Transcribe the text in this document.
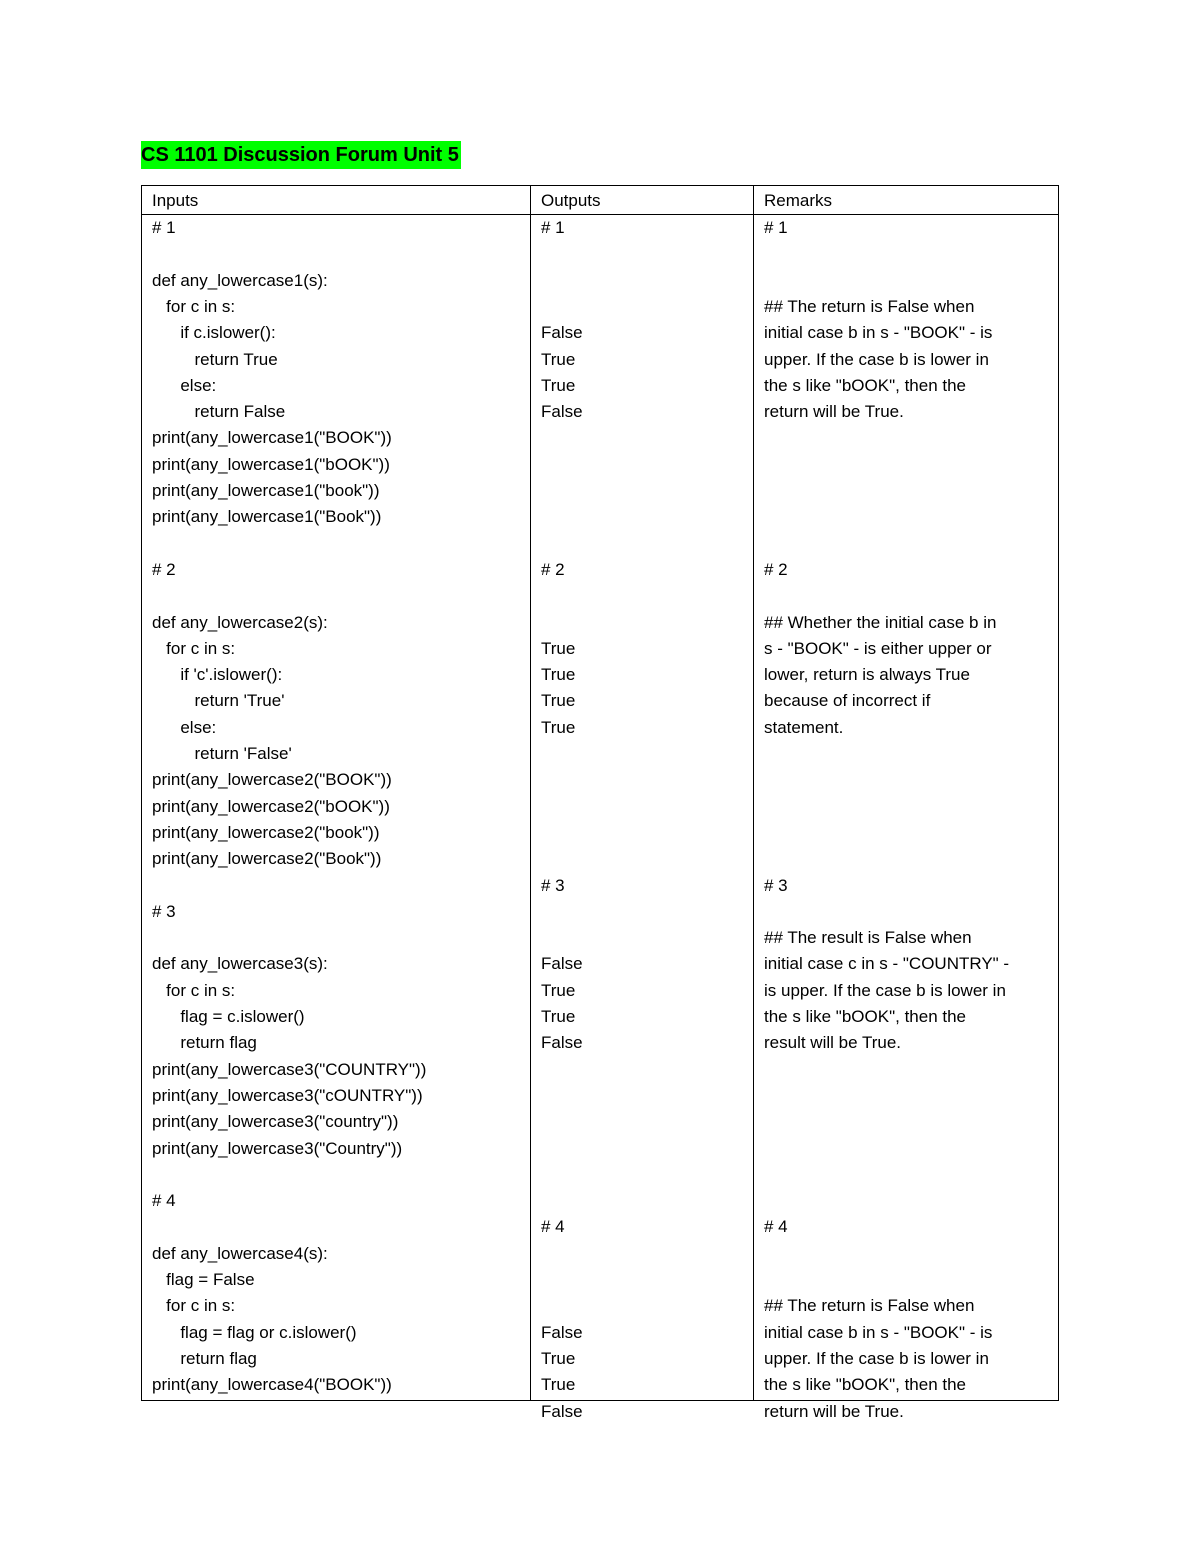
CS 1101 Discussion Forum Unit 5
Inputs	Outputs	Remarks
# 1
def any_lowercase1(s):
for c in s:
if c.islower():
return True
else:
return False
print(any_lowercase1("BOOK"))
print(any_lowercase1("bOOK"))
print(any_lowercase1("book"))
print(any_lowercase1("Book"))
# 2
def any_lowercase2(s):
for c in s:
if 'c'.islower():
return 'True'
else:
return 'False'
print(any_lowercase2("BOOK"))
print(any_lowercase2("bOOK"))
print(any_lowercase2("book"))
print(any_lowercase2("Book"))
# 3
def any_lowercase3(s):
for c in s:
flag = c.islower()
return flag
print(any_lowercase3("COUNTRY"))
print(any_lowercase3("cOUNTRY"))
print(any_lowercase3("country"))
print(any_lowercase3("Country"))
# 4
def any_lowercase4(s):
flag = False
for c in s:
flag = flag or c.islower()
return flag
print(any_lowercase4("BOOK"))
# 1
False
True
True
False
# 2
True
True
True
True
# 3
False
True
True
False
# 4
False
True
True
False
# 1
## The return is False when
initial case b in s - "BOOK" - is
upper. If the case b is lower in
the s like "bOOK", then the
return will be True.
# 2
## Whether the initial case b in
s - "BOOK" - is either upper or
lower, return is always True
because of incorrect if
statement.
# 3
## The result is False when
initial case c in s - "COUNTRY" -
is upper. If the case b is lower in
the s like "bOOK", then the
result will be True.
# 4
## The return is False when
initial case b in s - "BOOK" - is
upper. If the case b is lower in
the s like "bOOK", then the
return will be True.
